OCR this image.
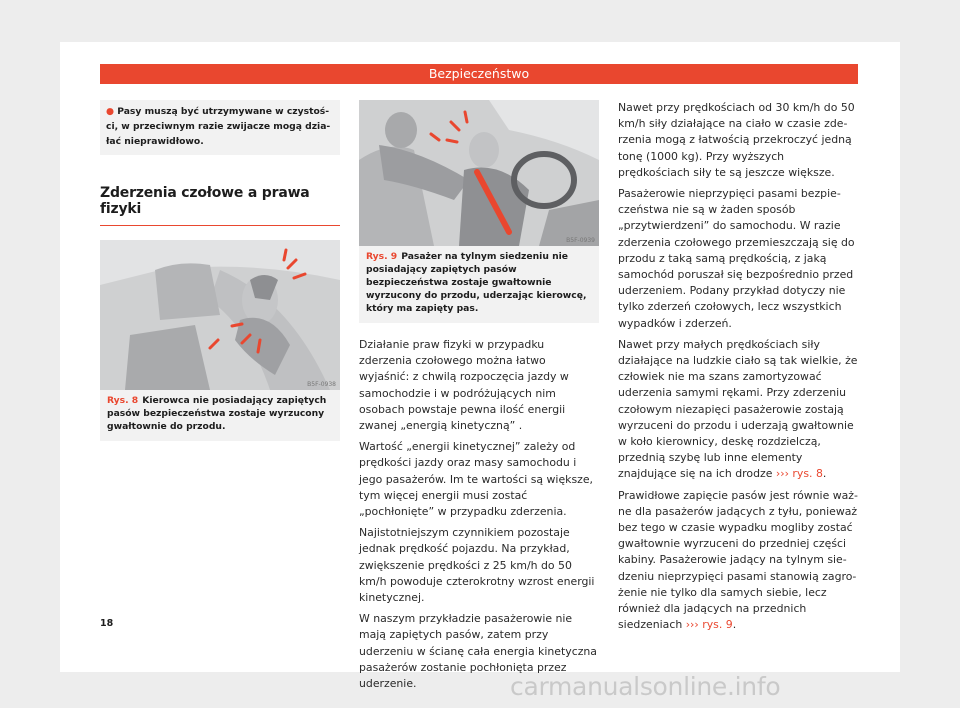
Bezpieczeństwo
● Pasy muszą być utrzymywane w czystości, w przeciwnym razie zwijacze mogą działać nieprawidłowo.
Zderzenia czołowe a prawa fizyki
B5F-0938
Rys. 8 Kierowca nie posiadający zapiętych pasów bezpieczeństwa zostaje wyrzucony gwałtownie do przodu.
B5F-0939
Rys. 9 Pasażer na tylnym siedzeniu nie posiadający zapiętych pasów bezpieczeństwa zostaje gwałtownie wyrzucony do przodu, uderzając kierowcę, który ma zapięty pas.

Działanie praw fizyki w przypadku zderzenia czołowego można łatwo wyjaśnić: z chwilą rozpoczęcia jazdy w samochodzie i w podróżujących nim osobach powstaje pewna ilość energii zwanej „energią kinetyczną” .

Wartość „energii kinetycznej” zależy od prędkości jazdy oraz masy samochodu i jego pasażerów. Im te wartości są większe, tym więcej energii musi zostać „pochłonięte” w przypadku zderzenia.

Najistotniejszym czynnikiem pozostaje jednak prędkość pojazdu. Na przykład, zwiększenie prędkości z 25 km/h do 50 km/h powoduje czterokrotny wzrost energii kinetycznej.

W naszym przykładzie pasażerowie nie mają zapiętych pasów, zatem przy uderzeniu w ścianę cała energia kinetyczna pasażerów zostanie pochłonięta przez uderzenie.

Nawet przy prędkościach od 30 km/h do 50 km/h siły działające na ciało w czasie zderzenia mogą z łatwością przekroczyć jedną tonę (1000 kg). Przy wyższych prędkościach siły te są jeszcze większe.

Pasażerowie nieprzypięci pasami bezpieczeństwa nie są w żaden sposób „przytwierdzeni” do samochodu. W razie zderzenia czołowego przemieszczają się do przodu z taką samą prędkością, z jaką samochód poruszał się bezpośrednio przed uderzeniem. Podany przykład dotyczy nie tylko zderzeń czołowych, lecz wszystkich wypadków i zderzeń.

Nawet przy małych prędkościach siły działające na ludzkie ciało są tak wielkie, że człowiek nie ma szans zamortyzować uderzenia samymi rękami. Przy zderzeniu czołowym niezapięci pasażerowie zostają wyrzuceni do przodu i uderzają gwałtownie w koło kierownicy, deskę rozdzielczą, przednią szybę lub inne elementy znajdujące się na ich drodze ››› rys. 8.

Prawidłowe zapięcie pasów jest równie ważne dla pasażerów jadących z tyłu, ponieważ bez tego w czasie wypadku mogliby zostać gwałtownie wyrzuceni do przedniej części kabiny. Pasażerowie jadący na tylnym siedzeniu nieprzypięci pasami stanowią zagrożenie nie tylko dla samych siebie, lecz również dla jadących na przednich siedzeniach ››› rys. 9.

18
carmanualsonline.info
